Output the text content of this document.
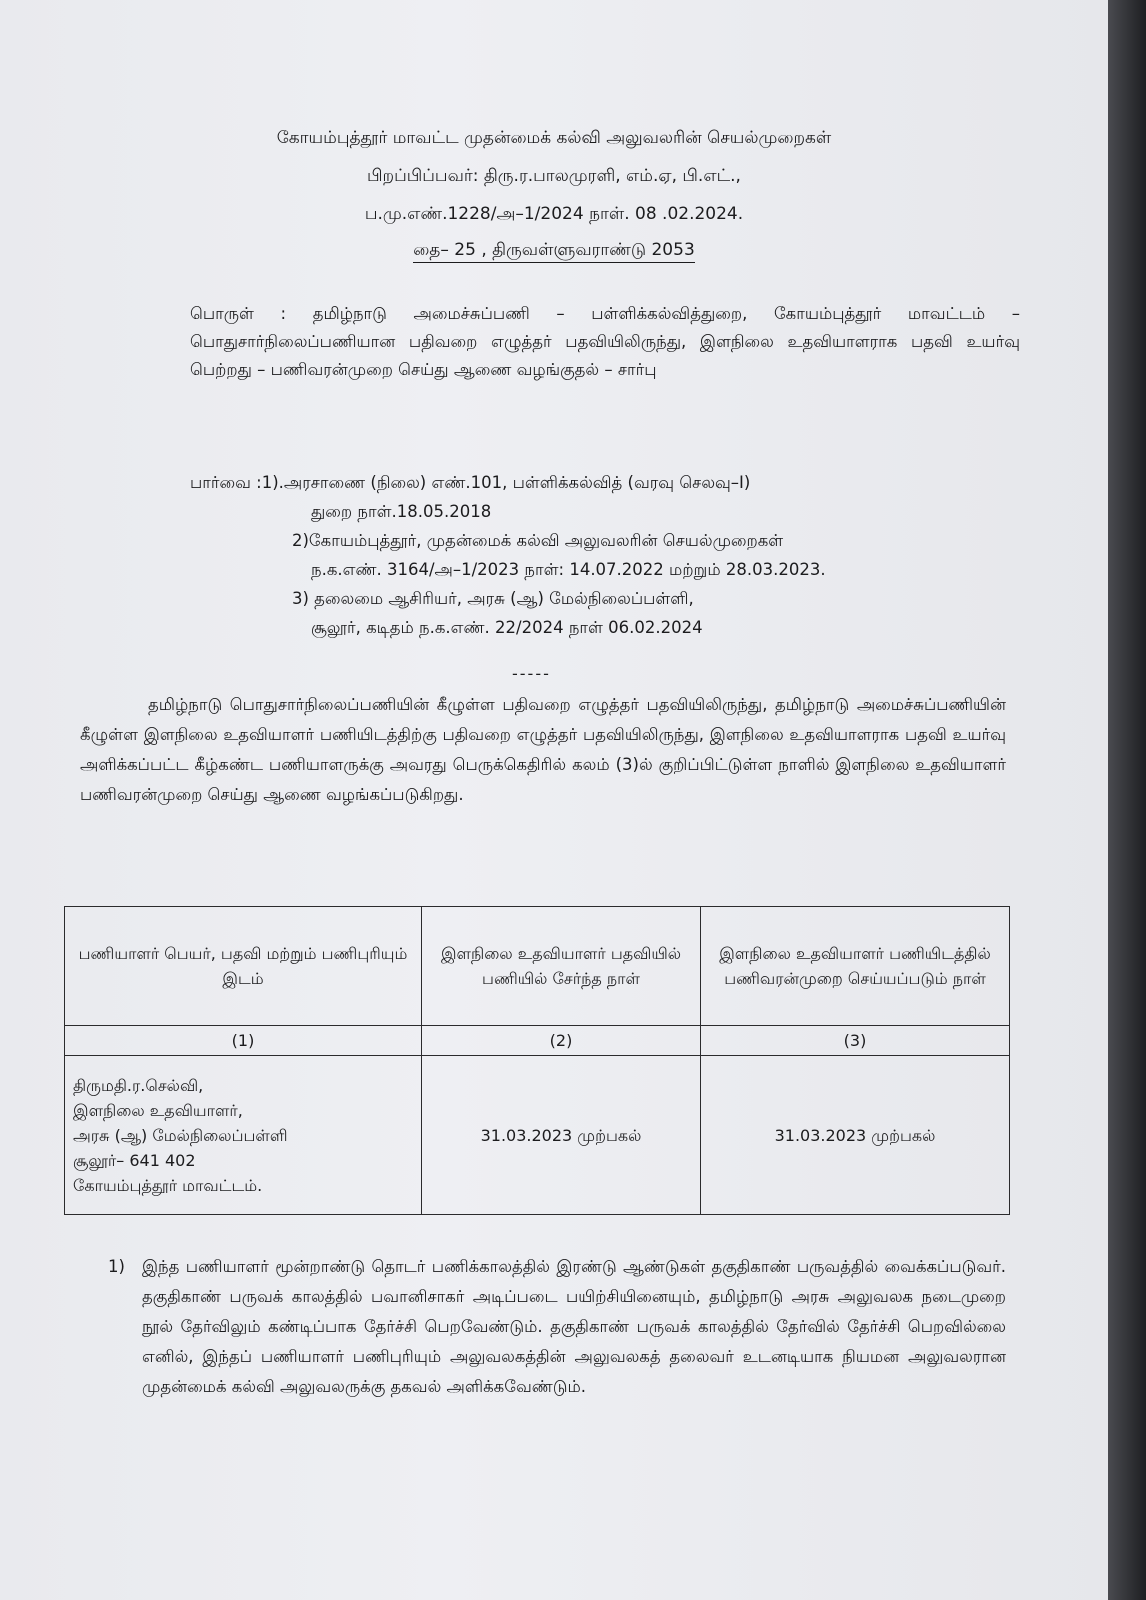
கோயம்புத்தூர் மாவட்ட முதன்மைக் கல்வி அலுவலரின் செயல்முறைகள்
பிறப்பிப்பவர்: திரு.ர.பாலமுரளி, எம்.ஏ, பி.எட்.,
ப.மு.எண்.1228/அ–1/2024 நாள். 08 .02.2024.
தை– 25 , திருவள்ளுவராண்டு 2053
பொருள் : தமிழ்நாடு அமைச்சுப்பணி – பள்ளிக்கல்வித்துறை, கோயம்புத்தூர் மாவட்டம் – பொதுசார்நிலைப்பணியான பதிவறை எழுத்தர் பதவியிலிருந்து, இளநிலை உதவியாளராக பதவி உயர்வு பெற்றது – பணிவரன்முறை செய்து ஆணை வழங்குதல் – சார்பு
பார்வை :1).அரசாணை (நிலை) எண்.101, பள்ளிக்கல்வித் (வரவு செலவு–I)
துறை நாள்.18.05.2018
2)கோயம்புத்தூர், முதன்மைக் கல்வி அலுவலரின் செயல்முறைகள்
ந.க.எண். 3164/அ–1/2023 நாள்: 14.07.2022 மற்றும் 28.03.2023.
3) தலைமை ஆசிரியர், அரசு (ஆ) மேல்நிலைப்பள்ளி,
சூலூர், கடிதம் ந.க.எண். 22/2024 நாள் 06.02.2024
-----
தமிழ்நாடு பொதுசார்நிலைப்பணியின் கீழுள்ள பதிவறை எழுத்தர் பதவியிலிருந்து, தமிழ்நாடு அமைச்சுப்பணியின் கீழுள்ள இளநிலை உதவியாளர் பணியிடத்திற்கு பதிவறை எழுத்தர் பதவியிலிருந்து, இளநிலை உதவியாளராக பதவி உயர்வு அளிக்கப்பட்ட கீழ்கண்ட பணியாளருக்கு அவரது பெருக்கெதிரில் கலம் (3)ல் குறிப்பிட்டுள்ள நாளில் இளநிலை உதவியாளர் பணிவரன்முறை செய்து ஆணை வழங்கப்படுகிறது.
பணியாளர் பெயர், பதவி மற்றும் பணிபுரியும் இடம்	இளநிலை உதவியாளர் பதவியில் பணியில் சேர்ந்த நாள்	இளநிலை உதவியாளர் பணியிடத்தில் பணிவரன்முறை செய்யப்படும் நாள்
(1)	(2)	(3)

திருமதி.ர.செல்வி,
இளநிலை உதவியாளர்,
அரசு (ஆ) மேல்நிலைப்பள்ளி
சூலூர்– 641 402
கோயம்புத்தூர் மாவட்டம்.	31.03.2023 முற்பகல்	31.03.2023 முற்பகல்
1) இந்த பணியாளர் மூன்றாண்டு தொடர் பணிக்காலத்தில் இரண்டு ஆண்டுகள் தகுதிகாண் பருவத்தில் வைக்கப்படுவர். தகுதிகாண் பருவக் காலத்தில் பவானிசாகர் அடிப்படை பயிற்சியினையும், தமிழ்நாடு அரசு அலுவலக நடைமுறை நூல் தேர்விலும் கண்டிப்பாக தேர்ச்சி பெறவேண்டும். தகுதிகாண் பருவக் காலத்தில் தேர்வில் தேர்ச்சி பெறவில்லை எனில், இந்தப் பணியாளர் பணிபுரியும் அலுவலகத்தின் அலுவலகத் தலைவர் உடனடியாக நியமன அலுவலரான முதன்மைக் கல்வி அலுவலருக்கு தகவல் அளிக்கவேண்டும்.
